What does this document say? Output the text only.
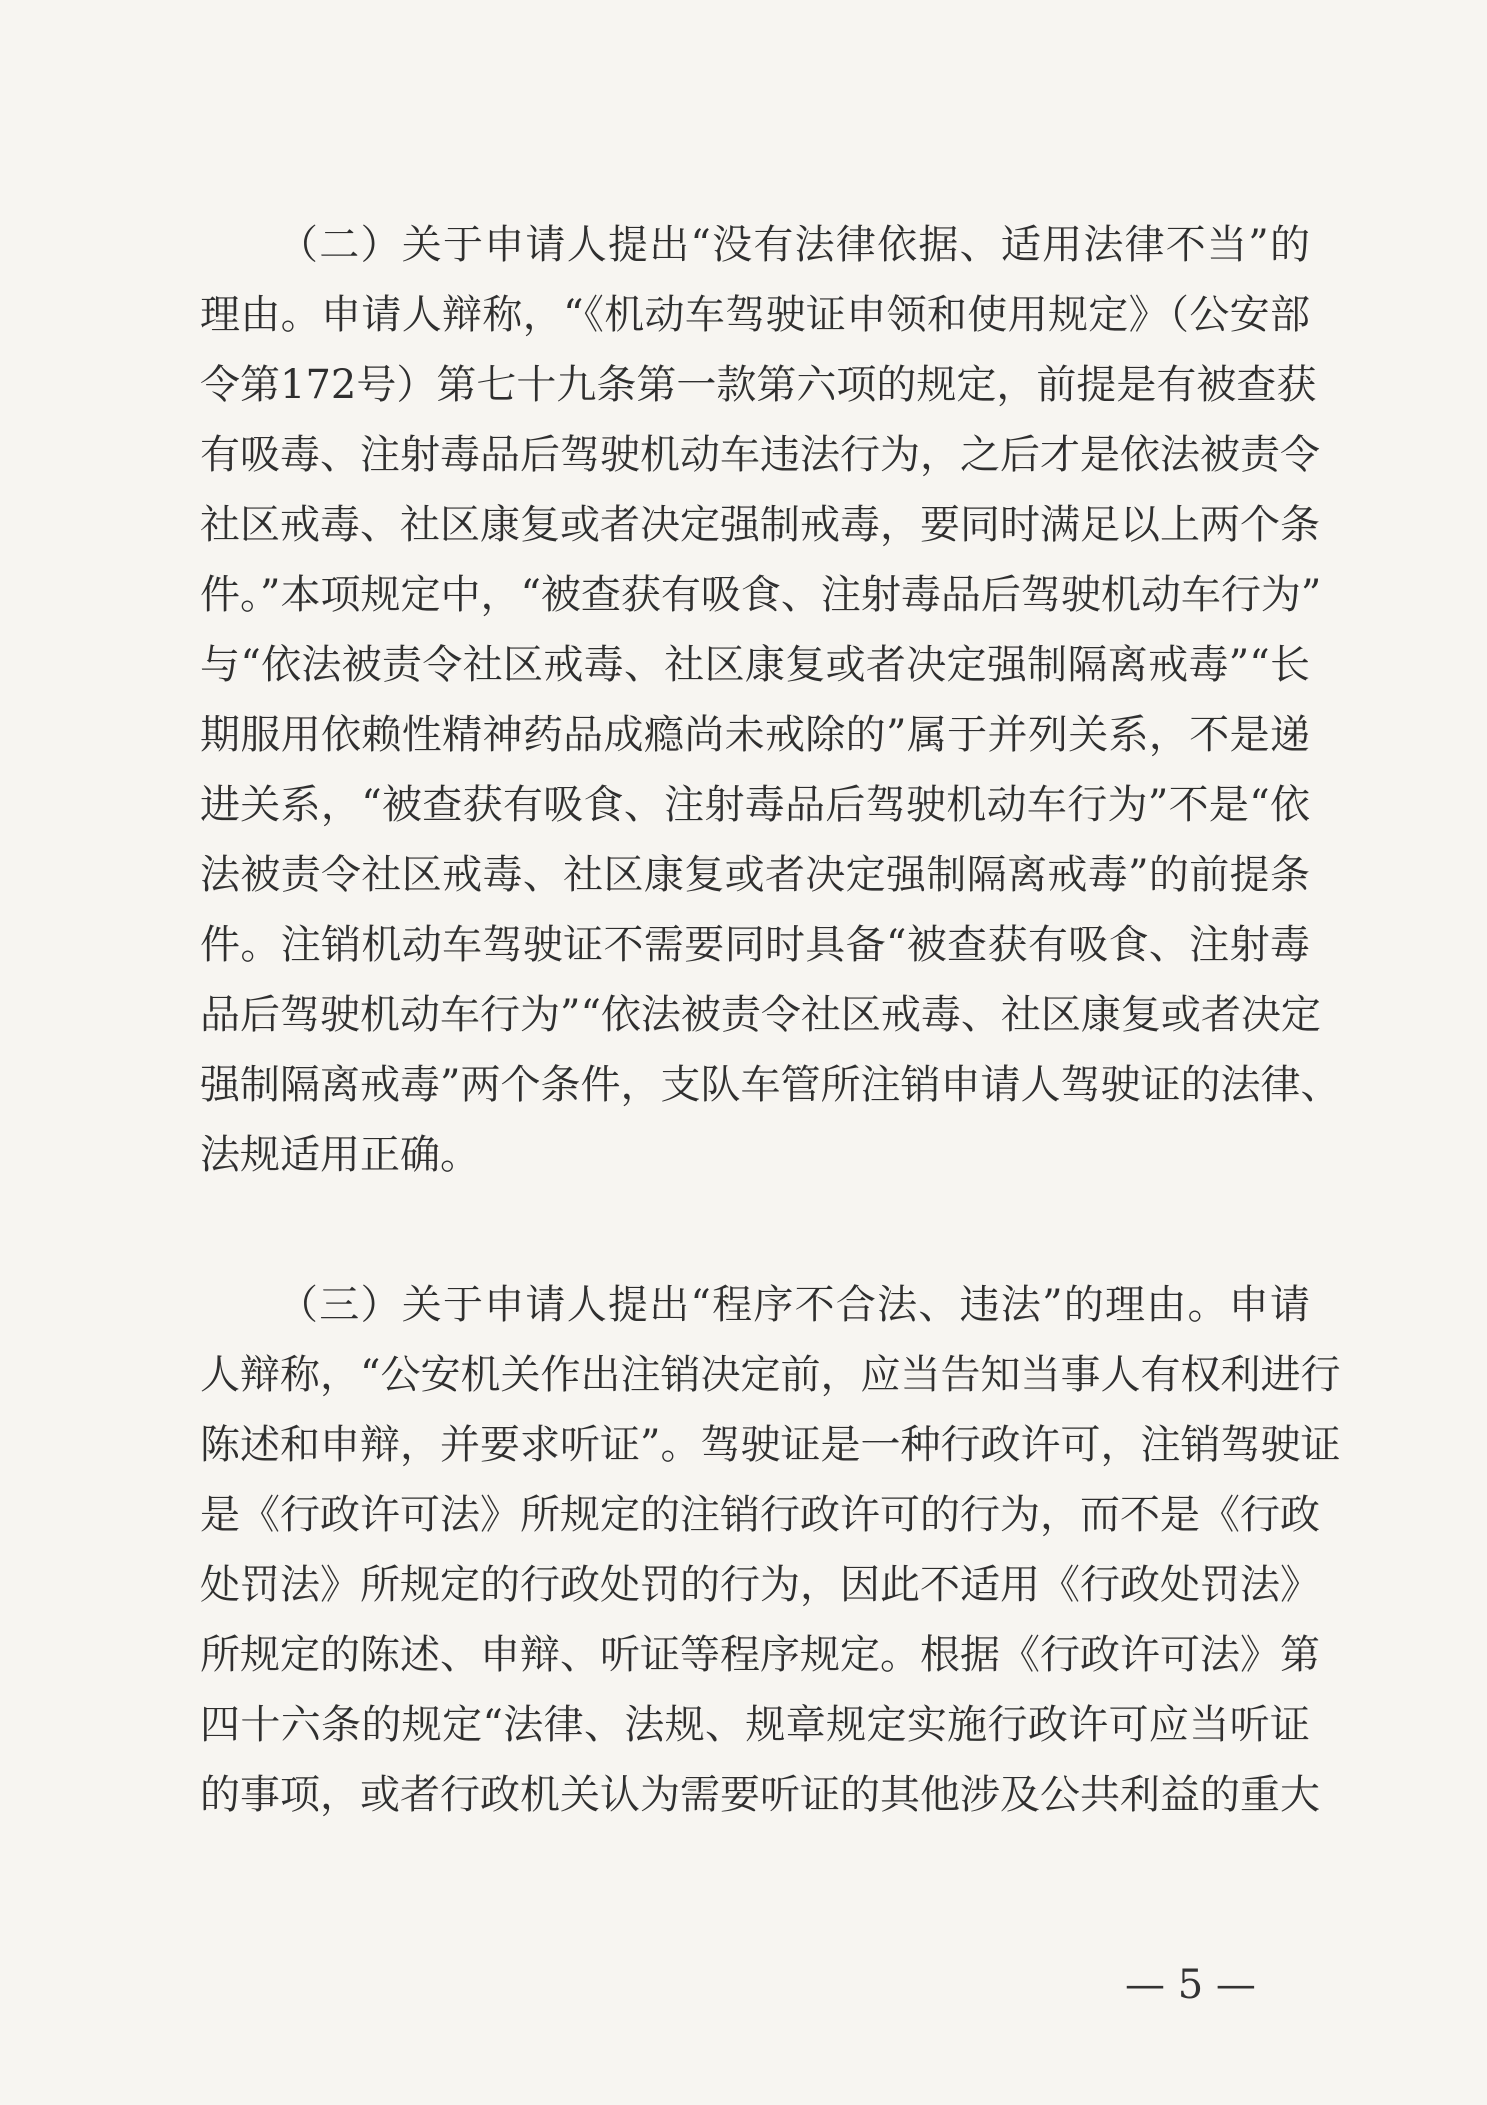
（二）关于申请人提出“没有法律依据、适用法律不当”的
理由。申请人辩称，“《机动车驾驶证申领和使用规定》（公安部
令第172号）第七十九条第一款第六项的规定，前提是有被查获
有吸毒、注射毒品后驾驶机动车违法行为，之后才是依法被责令
社区戒毒、社区康复或者决定强制戒毒，要同时满足以上两个条
件。”本项规定中，“被查获有吸食、注射毒品后驾驶机动车行为”
与“依法被责令社区戒毒、社区康复或者决定强制隔离戒毒”“长
期服用依赖性精神药品成瘾尚未戒除的”属于并列关系，不是递
进关系，“被查获有吸食、注射毒品后驾驶机动车行为”不是“依
法被责令社区戒毒、社区康复或者决定强制隔离戒毒”的前提条
件。注销机动车驾驶证不需要同时具备“被查获有吸食、注射毒
品后驾驶机动车行为”“依法被责令社区戒毒、社区康复或者决定
强制隔离戒毒”两个条件，支队车管所注销申请人驾驶证的法律、
法规适用正确。
（三）关于申请人提出“程序不合法、违法”的理由。申请
人辩称，“公安机关作出注销决定前，应当告知当事人有权利进行
陈述和申辩，并要求听证”。驾驶证是一种行政许可，注销驾驶证
是《行政许可法》所规定的注销行政许可的行为，而不是《行政
处罚法》所规定的行政处罚的行为，因此不适用《行政处罚法》
所规定的陈述、申辩、听证等程序规定。根据《行政许可法》第
四十六条的规定“法律、法规、规章规定实施行政许可应当听证
的事项，或者行政机关认为需要听证的其他涉及公共利益的重大
— 5 —
